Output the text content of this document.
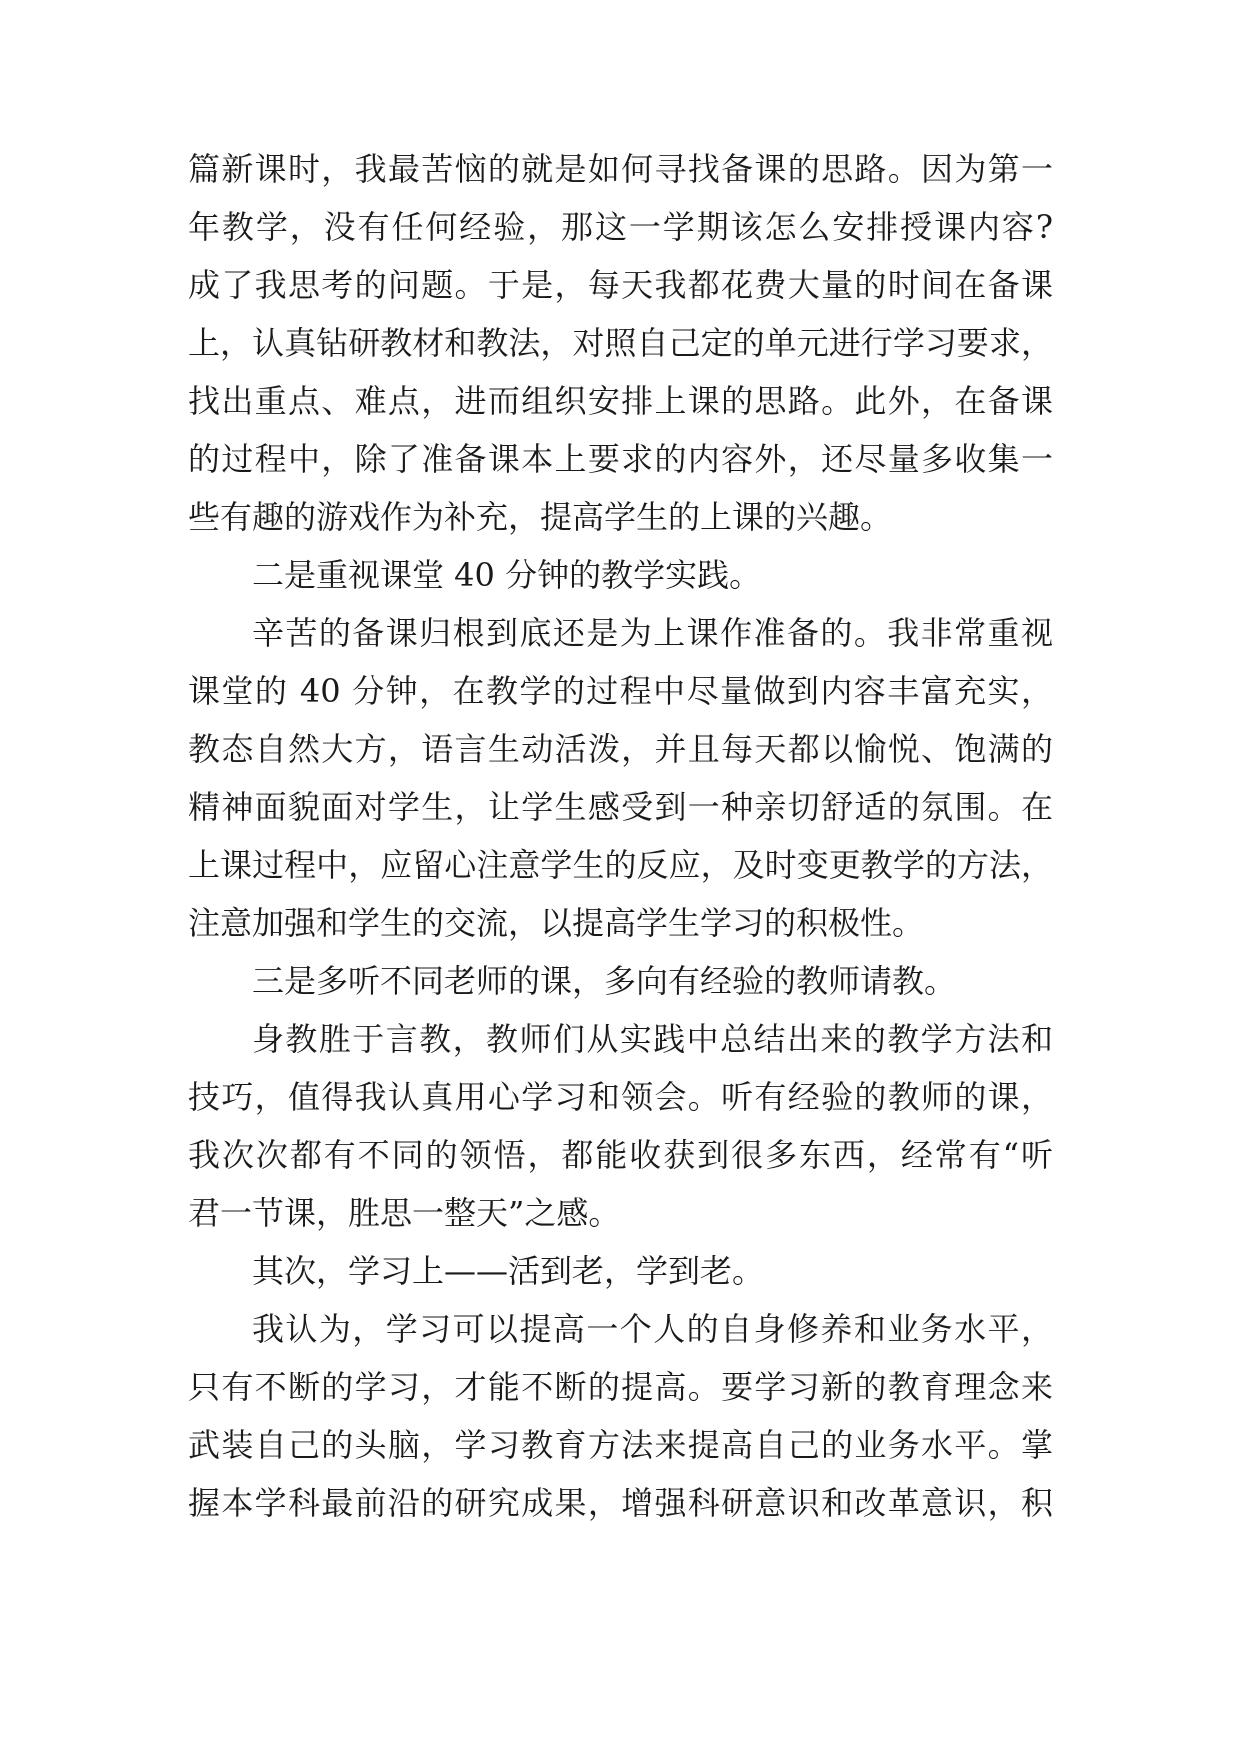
篇新课时，我最苦恼的就是如何寻找备课的思路。因为第一
年教学，没有任何经验，那这一学期该怎么安排授课内容?
成了我思考的问题。于是，每天我都花费大量的时间在备课
上，认真钻研教材和教法，对照自己定的单元进行学习要求，
找出重点、难点，进而组织安排上课的思路。此外，在备课
的过程中，除了准备课本上要求的内容外，还尽量多收集一
些有趣的游戏作为补充，提高学生的上课的兴趣。
二是重视课堂 40 分钟的教学实践。
辛苦的备课归根到底还是为上课作准备的。我非常重视
课堂的 40 分钟，在教学的过程中尽量做到内容丰富充实，
教态自然大方，语言生动活泼，并且每天都以愉悦、饱满的
精神面貌面对学生，让学生感受到一种亲切舒适的氛围。在
上课过程中，应留心注意学生的反应，及时变更教学的方法，
注意加强和学生的交流，以提高学生学习的积极性。
三是多听不同老师的课，多向有经验的教师请教。
身教胜于言教，教师们从实践中总结出来的教学方法和
技巧，值得我认真用心学习和领会。听有经验的教师的课，
我次次都有不同的领悟，都能收获到很多东西，经常有“听
君一节课，胜思一整天”之感。
其次，学习上——活到老，学到老。
我认为，学习可以提高一个人的自身修养和业务水平，
只有不断的学习，才能不断的提高。要学习新的教育理念来
武装自己的头脑，学习教育方法来提高自己的业务水平。掌
握本学科最前沿的研究成果，增强科研意识和改革意识，积
